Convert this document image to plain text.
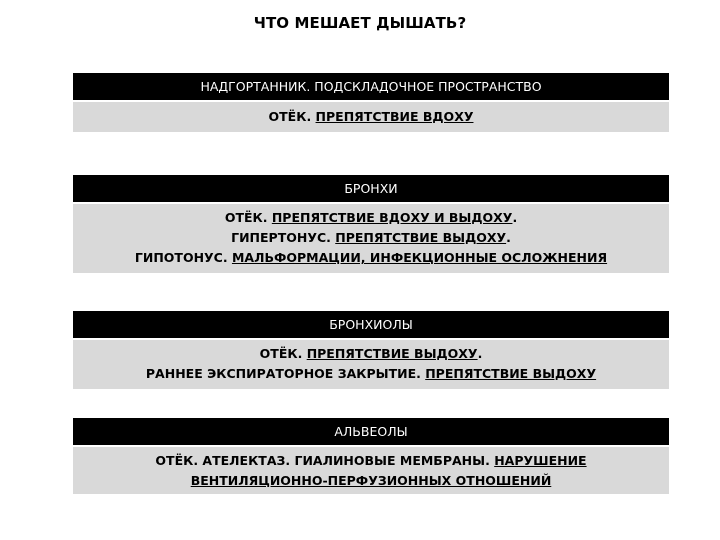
ЧТО МЕШАЕТ ДЫШАТЬ?
НАДГОРТАННИК. ПОДСКЛАДОЧНОЕ ПРОСТРАНСТВО
ОТЁК. ПРЕПЯТСТВИЕ ВДОХУ
БРОНХИ
ОТЁК. ПРЕПЯТСТВИЕ ВДОХУ И ВЫДОХУ.
ГИПЕРТОНУС. ПРЕПЯТСТВИЕ ВЫДОХУ.
ГИПОТОНУС. МАЛЬФОРМАЦИИ, ИНФЕКЦИОННЫЕ ОСЛОЖНЕНИЯ
БРОНХИОЛЫ
ОТЁК. ПРЕПЯТСТВИЕ ВЫДОХУ.
РАННЕЕ ЭКСПИРАТОРНОЕ ЗАКРЫТИЕ. ПРЕПЯТСТВИЕ ВЫДОХУ
АЛЬВЕОЛЫ
ОТЁК. АТЕЛЕКТАЗ. ГИАЛИНОВЫЕ МЕМБРАНЫ. НАРУШЕНИЕ
ВЕНТИЛЯЦИОННО-ПЕРФУЗИОННЫХ ОТНОШЕНИЙ
